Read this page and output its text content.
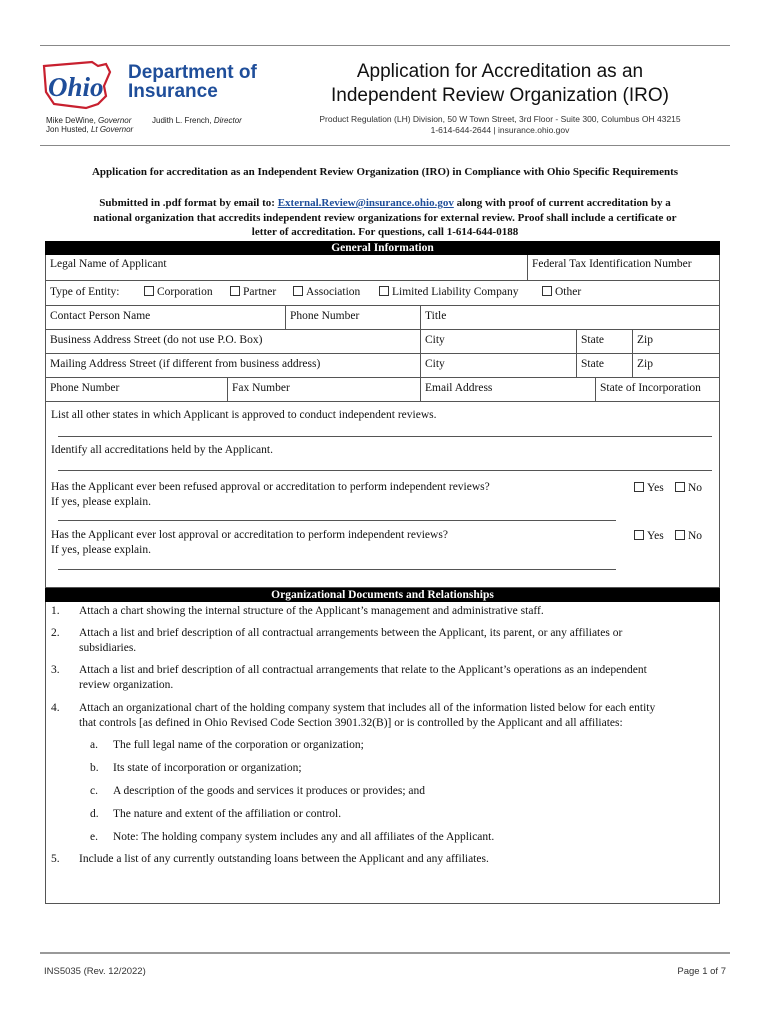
Ohio Department of
Insurance
Mike DeWine, Governor
Jon Husted, Lt Governor
Judith L. French, Director
Application for Accreditation as an
Independent Review Organization (IRO)
Product Regulation (LH) Division, 50 W Town Street, 3rd Floor - Suite 300, Columbus OH 43215
1-614-644-2644 | insurance.ohio.gov
Application for accreditation as an Independent Review Organization (IRO) in Compliance with Ohio Specific Requirements
Submitted in .pdf format by email to: External.Review@insurance.ohio.gov along with proof of current accreditation by a
national organization that accredits independent review organizations for external review. Proof shall include a certificate or
letter of accreditation. For questions, call 1-614-644-0188
General Information
Legal Name of Applicant	Federal Tax Identification Number
Type of Entity:	Corporation	Partner	Association	Limited Liability Company	Other
Contact Person Name	Phone Number	Title
Business Address Street (do not use P.O. Box)	City	State	Zip
Mailing Address Street (if different from business address)	City	State	Zip
Phone Number	Fax Number	Email Address	State of Incorporation
List all other states in which Applicant is approved to conduct independent reviews.
Identify all accreditations held by the Applicant.
Has the Applicant ever been refused approval or accreditation to perform independent reviews?
If yes, please explain.
Yes	No
Has the Applicant ever lost approval or accreditation to perform independent reviews?
If yes, please explain.
Yes	No
Organizational Documents and Relationships
1. Attach a chart showing the internal structure of the Applicant’s management and administrative staff.
2. Attach a list and brief description of all contractual arrangements between the Applicant, its parent, or any affiliates or
subsidiaries.
3. Attach a list and brief description of all contractual arrangements that relate to the Applicant’s operations as an independent
review organization.
4. Attach an organizational chart of the holding company system that includes all of the information listed below for each entity
that controls [as defined in Ohio Revised Code Section 3901.32(B)] or is controlled by the Applicant and all affiliates:
a. The full legal name of the corporation or organization;
b. Its state of incorporation or organization;
c. A description of the goods and services it produces or provides; and
d. The nature and extent of the affiliation or control.
e. Note: The holding company system includes any and all affiliates of the Applicant.
5. Include a list of any currently outstanding loans between the Applicant and any affiliates.
INS5035 (Rev. 12/2022)	Page 1 of 7
